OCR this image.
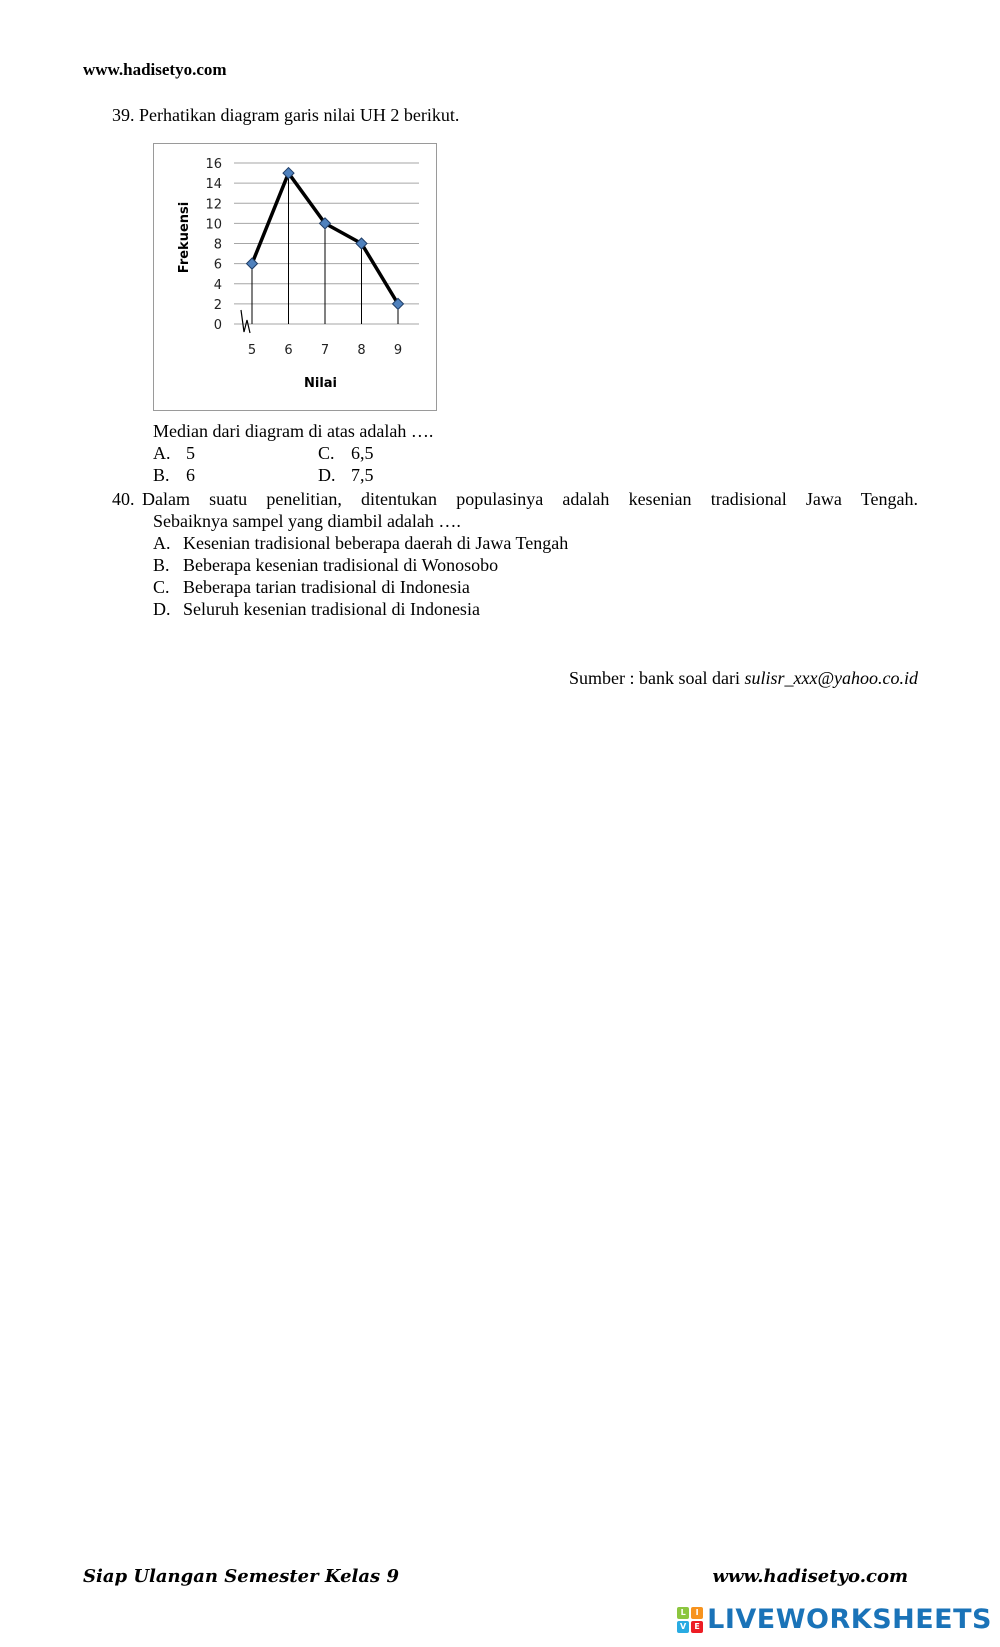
www.hadisetyo.com
39. Perhatikan diagram garis nilai UH 2 berikut.
0
2
4
6
8
10
12
14
16
5 6 7 8 9
Nilai
Frekuensi
Median dari diagram di atas adalah ….
A. 5
B. 6
C. 6,5
D. 7,5
40. Dalam suatu penelitian, ditentukan populasinya adalah kesenian tradisional Jawa Tengah.
Sebaiknya sampel yang diambil adalah ….
A. Kesenian tradisional beberapa daerah di Jawa Tengah
B. Beberapa kesenian tradisional di Wonosobo
C. Beberapa tarian tradisional di Indonesia
D. Seluruh kesenian tradisional di Indonesia
Sumber : bank soal dari sulisr_xxx@yahoo.co.id
Siap Ulangan Semester Kelas 9	www.hadisetyo.com
L	I
V	E LIVEWORKSHEETS
